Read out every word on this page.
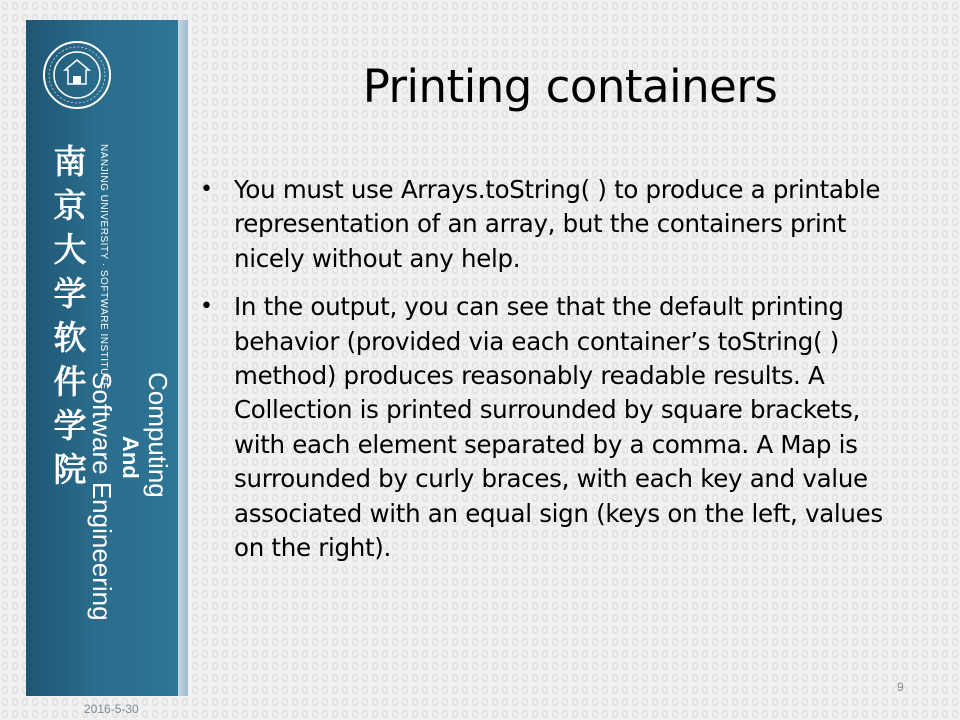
南京大学
软件学院
NANJING UNIVERSITY · SOFTWARE INSTITUTE
Computing
And
Software Engineering
2016-5-30
Printing containers
• You must use Arrays.toString( ) to produce a printable representation of an array, but the containers print nicely without any help.
• In the output, you can see that the default printing behavior (provided via each container’s toString( ) method) produces reasonably readable results. A Collection is printed surrounded by square brackets, with each element separated by a comma. A Map is surrounded by curly braces, with each key and value associated with an equal sign (keys on the left, values on the right).
9
